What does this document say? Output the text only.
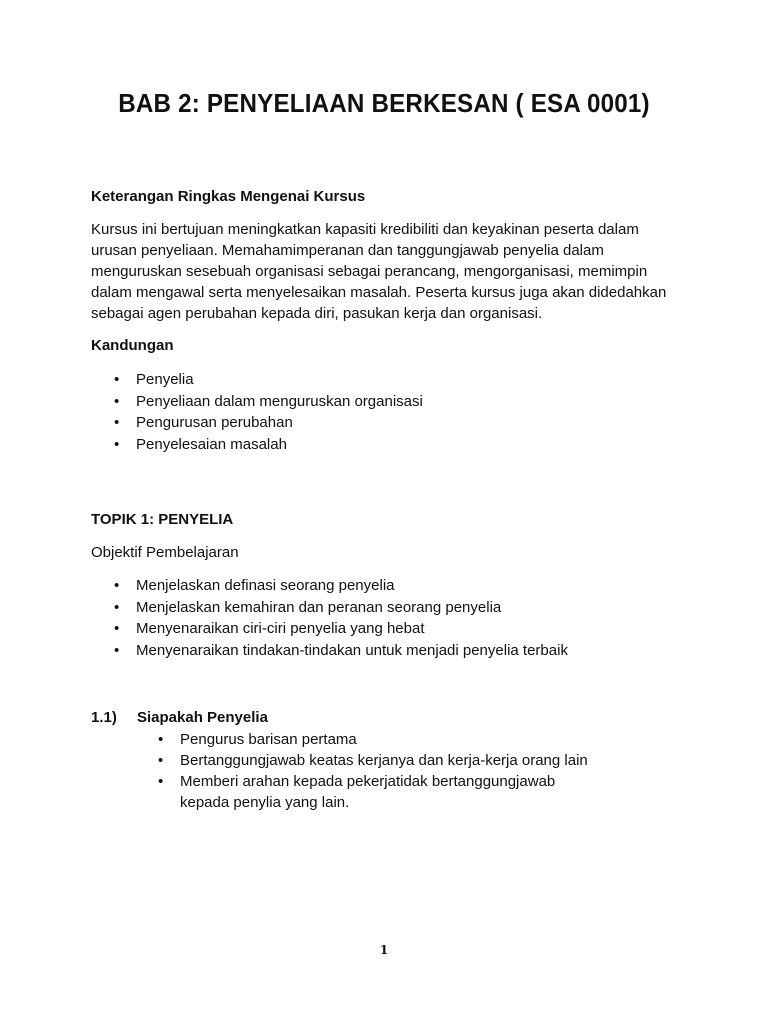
BAB 2: PENYELIAAN BERKESAN ( ESA 0001)
Keterangan Ringkas Mengenai Kursus
Kursus ini bertujuan meningkatkan kapasiti kredibiliti dan keyakinan peserta dalam
urusan penyeliaan. Memahamimperanan dan tanggungjawab penyelia dalam
menguruskan sesebuah organisasi sebagai perancang, mengorganisasi, memimpin
dalam mengawal serta menyelesaikan masalah. Peserta kursus juga akan didedahkan
sebagai agen perubahan kepada diri, pasukan kerja dan organisasi.
Kandungan
• Penyelia
• Penyeliaan dalam menguruskan organisasi
• Pengurusan perubahan
• Penyelesaian masalah
TOPIK 1: PENYELIA
Objektif Pembelajaran
• Menjelaskan definasi seorang penyelia
• Menjelaskan kemahiran dan peranan seorang penyelia
• Menyenaraikan ciri-ciri penyelia yang hebat
• Menyenaraikan tindakan-tindakan untuk menjadi penyelia terbaik
1.1) Siapakah Penyelia
• Pengurus barisan pertama
• Bertanggungjawab keatas kerjanya dan kerja-kerja orang lain
• Memberi arahan kepada pekerjatidak bertanggungjawab kepada penylia yang lain.
1
